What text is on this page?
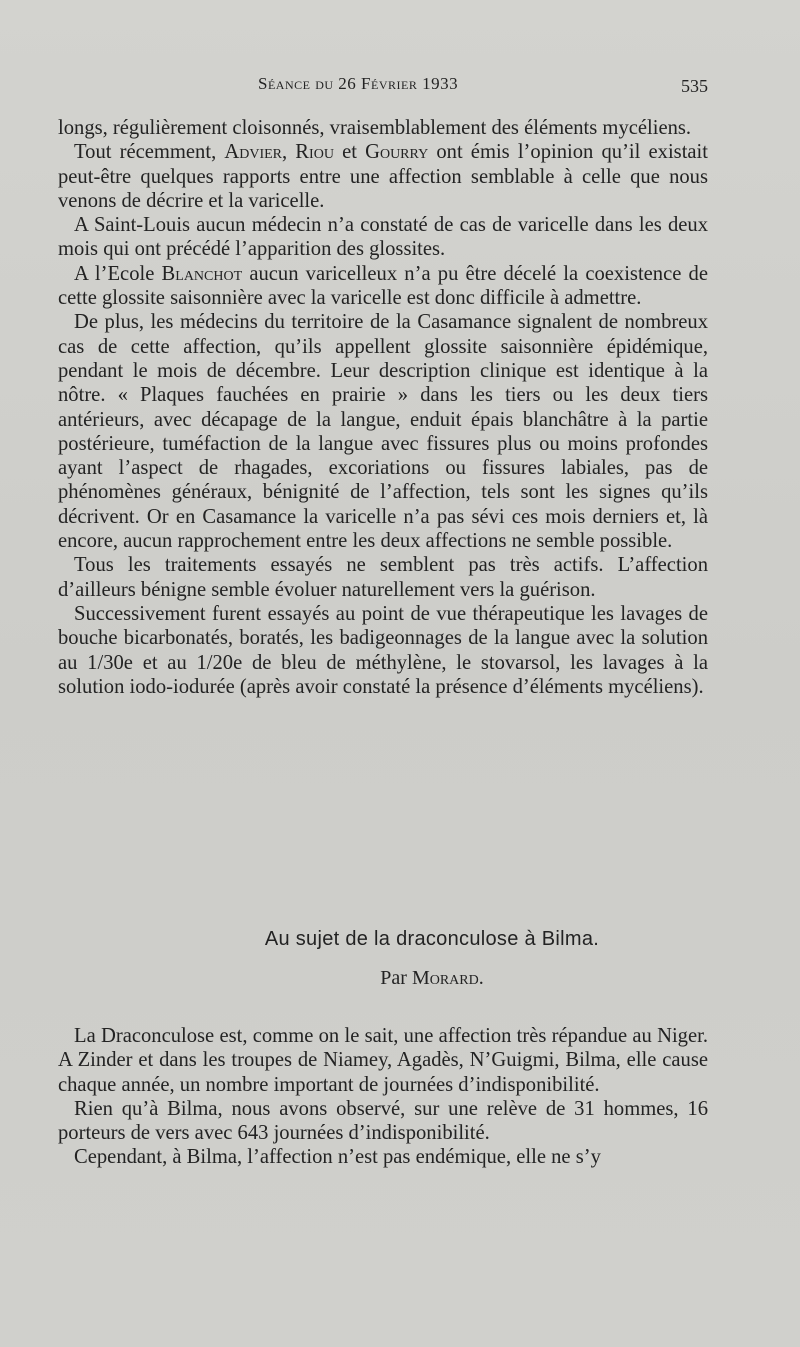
Séance du 26 Février 1933	535

longs, régulièrement cloisonnés, vraisemblablement des éléments mycéliens.

Tout récemment, Advier, Riou et Gourry ont émis l’opinion qu’il existait peut-être quelques rapports entre une affection semblable à celle que nous venons de décrire et la varicelle.

A Saint-Louis aucun médecin n’a constaté de cas de varicelle dans les deux mois qui ont précédé l’apparition des glossites.

A l’Ecole Blanchot aucun varicelleux n’a pu être décelé la coexistence de cette glossite saisonnière avec la varicelle est donc difficile à admettre.

De plus, les médecins du territoire de la Casamance signalent de nombreux cas de cette affection, qu’ils appellent glossite saisonnière épidémique, pendant le mois de décembre. Leur description clinique est identique à la nôtre. « Plaques fauchées en prairie » dans les tiers ou les deux tiers antérieurs, avec décapage de la langue, enduit épais blanchâtre à la partie postérieure, tuméfaction de la langue avec fissures plus ou moins profondes ayant l’aspect de rhagades, excoriations ou fissures labiales, pas de phénomènes généraux, bénignité de l’affection, tels sont les signes qu’ils décrivent. Or en Casamance la varicelle n’a pas sévi ces mois derniers et, là encore, aucun rapprochement entre les deux affections ne semble possible.

Tous les traitements essayés ne semblent pas très actifs. L’affection d’ailleurs bénigne semble évoluer naturellement vers la guérison.

Successivement furent essayés au point de vue thérapeutique les lavages de bouche bicarbonatés, boratés, les badigeonnages de la langue avec la solution au 1/30e et au 1/20e de bleu de méthylène, le stovarsol, les lavages à la solution iodo-iodurée (après avoir constaté la présence d’éléments mycéliens).

Au sujet de la draconculose à Bilma.
Par Morard.

La Draconculose est, comme on le sait, une affection très répandue au Niger. A Zinder et dans les troupes de Niamey, Agadès, N’Guigmi, Bilma, elle cause chaque année, un nombre important de journées d’indisponibilité.

Rien qu’à Bilma, nous avons observé, sur une relève de 31 hommes, 16 porteurs de vers avec 643 journées d’indisponibilité.

Cependant, à Bilma, l’affection n’est pas endémique, elle ne s’y
